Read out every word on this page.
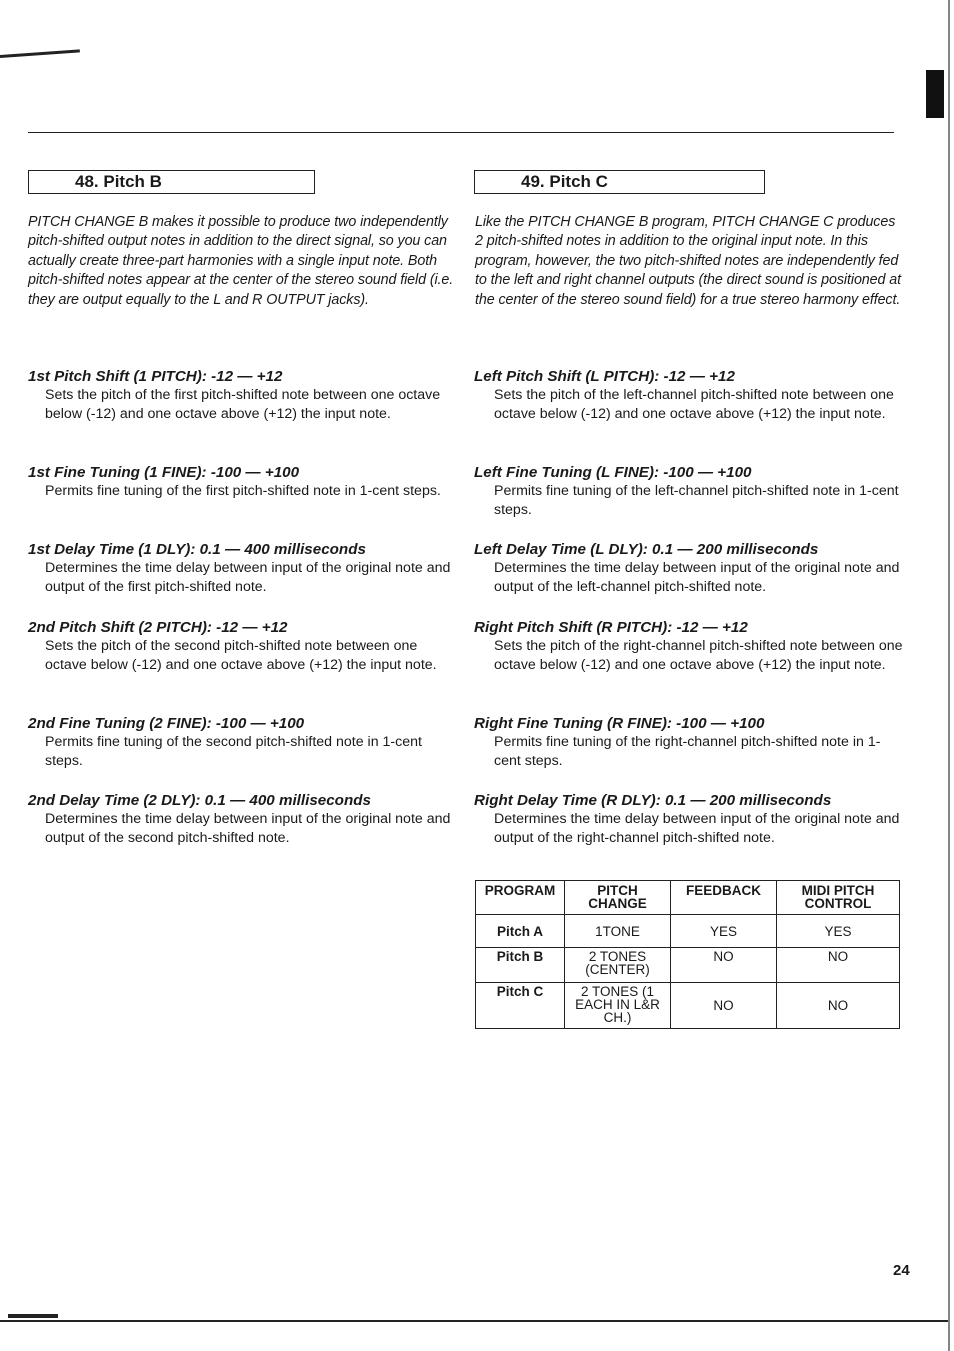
48. Pitch B

PITCH CHANGE B makes it possible to produce two independently pitch-shifted output notes in addition to the direct signal, so you can actually create three-part harmonies with a single input note. Both pitch-shifted notes appear at the center of the stereo sound field (i.e. they are output equally to the L and R OUTPUT jacks).

1st Pitch Shift (1 PITCH): -12 — +12

Sets the pitch of the first pitch-shifted note between one octave below (-12) and one octave above (+12) the input note.

1st Fine Tuning (1 FINE): -100 — +100

Permits fine tuning of the first pitch-shifted note in 1-cent steps.

1st Delay Time (1 DLY): 0.1 — 400 milliseconds

Determines the time delay between input of the original note and output of the first pitch-shifted note.

2nd Pitch Shift (2 PITCH): -12 — +12

Sets the pitch of the second pitch-shifted note between one octave below (-12) and one octave above (+12) the input note.

2nd Fine Tuning (2 FINE): -100 — +100

Permits fine tuning of the second pitch-shifted note in 1-cent steps.

2nd Delay Time (2 DLY): 0.1 — 400 milliseconds

Determines the time delay between input of the original note and output of the second pitch-shifted note.

49. Pitch C

Like the PITCH CHANGE B program, PITCH CHANGE C produces 2 pitch-shifted notes in addition to the original input note. In this program, however, the two pitch-shifted notes are independently fed to the left and right channel outputs (the direct sound is positioned at the center of the stereo sound field) for a true stereo harmony effect.

Left Pitch Shift (L PITCH): -12 — +12

Sets the pitch of the left-channel pitch-shifted note between one octave below (-12) and one octave above (+12) the input note.

Left Fine Tuning (L FINE): -100 — +100

Permits fine tuning of the left-channel pitch-shifted note in 1-cent steps.

Left Delay Time (L DLY): 0.1 — 200 milliseconds

Determines the time delay between input of the original note and output of the left-channel pitch-shifted note.

Right Pitch Shift (R PITCH): -12 — +12

Sets the pitch of the right-channel pitch-shifted note between one octave below (-12) and one octave above (+12) the input note.

Right Fine Tuning (R FINE): -100 — +100

Permits fine tuning of the right-channel pitch-shifted note in 1-cent steps.

Right Delay Time (R DLY): 0.1 — 200 milliseconds

Determines the time delay between input of the original note and output of the right-channel pitch-shifted note.

PROGRAM	PITCH CHANGE	FEEDBACK	MIDI PITCH CONTROL
Pitch A	1TONE	YES	YES
Pitch B	2 TONES (CENTER)	NO	NO
Pitch C	2 TONES (1 EACH IN L&R CH.)	NO	NO
24
